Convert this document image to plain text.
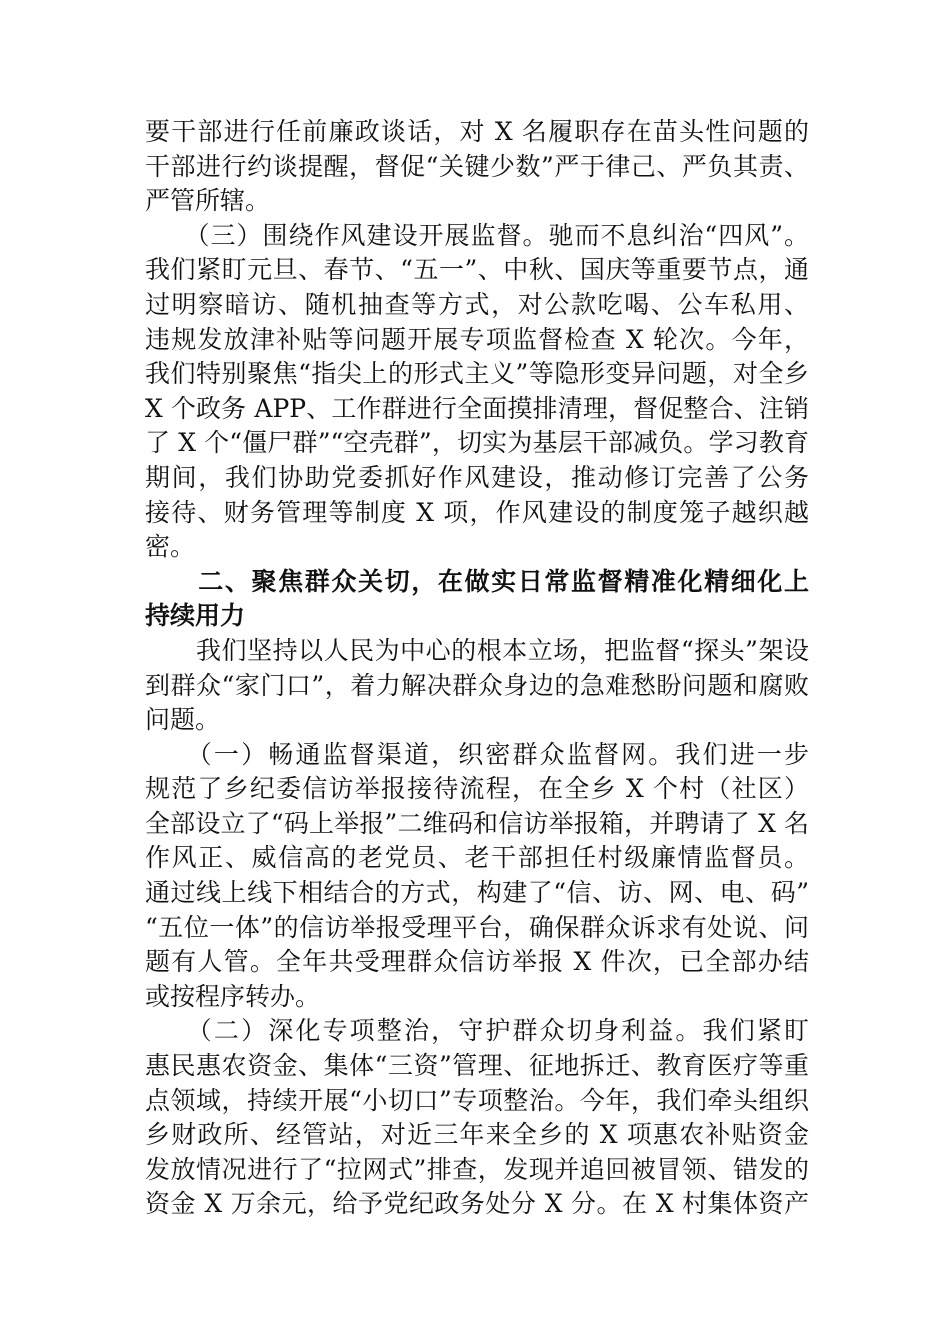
要干部进行任前廉政谈话，对 X 名履职存在苗头性问题的
干部进行约谈提醒，督促“关键少数”严于律己、严负其责、
严管所辖。
　　（三）围绕作风建设开展监督。驰而不息纠治“四风”。
我们紧盯元旦、春节、“五一”、中秋、国庆等重要节点，通
过明察暗访、随机抽查等方式，对公款吃喝、公车私用、
违规发放津补贴等问题开展专项监督检查 X 轮次。今年，
我们特别聚焦“指尖上的形式主义”等隐形变异问题，对全乡
X 个政务 APP、工作群进行全面摸排清理，督促整合、注销
了 X 个“僵尸群”“空壳群”，切实为基层干部减负。学习教育
期间，我们协助党委抓好作风建设，推动修订完善了公务
接待、财务管理等制度 X 项，作风建设的制度笼子越织越
密。
　　二、聚焦群众关切，在做实日常监督精准化精细化上
持续用力
　　我们坚持以人民为中心的根本立场，把监督“探头”架设
到群众“家门口”，着力解决群众身边的急难愁盼问题和腐败
问题。
　　（一）畅通监督渠道，织密群众监督网。我们进一步
规范了乡纪委信访举报接待流程，在全乡 X 个村（社区）
全部设立了“码上举报”二维码和信访举报箱，并聘请了 X 名
作风正、威信高的老党员、老干部担任村级廉情监督员。
通过线上线下相结合的方式，构建了“信、访、网、电、码”
“五位一体”的信访举报受理平台，确保群众诉求有处说、问
题有人管。全年共受理群众信访举报 X 件次，已全部办结
或按程序转办。
　　（二）深化专项整治，守护群众切身利益。我们紧盯
惠民惠农资金、集体“三资”管理、征地拆迁、教育医疗等重
点领域，持续开展“小切口”专项整治。今年，我们牵头组织
乡财政所、经管站，对近三年来全乡的 X 项惠农补贴资金
发放情况进行了“拉网式”排查，发现并追回被冒领、错发的
资金 X 万余元，给予党纪政务处分 X 分。在 X 村集体资产
